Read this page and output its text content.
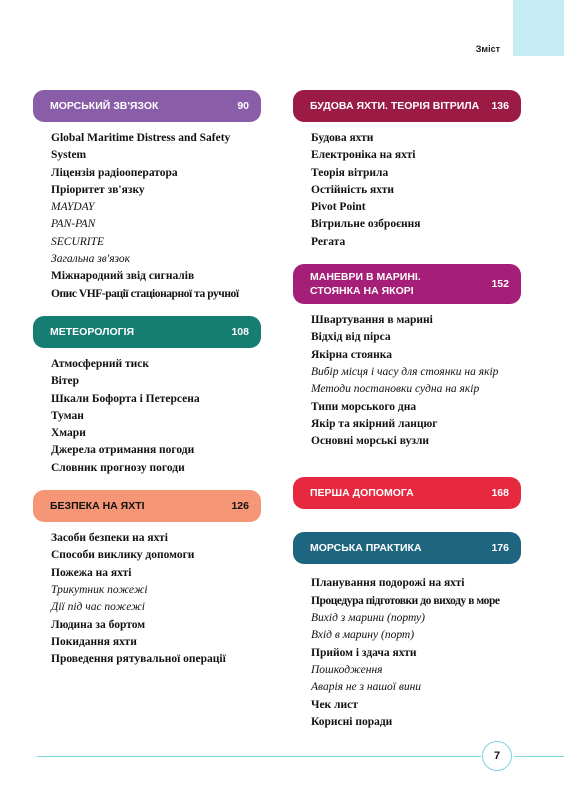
Зміст
МОРСЬКИЙ ЗВ'ЯЗОК	90
Global Maritime Distress and Safety
System
Ліцензія радіооператора
Пріоритет зв'язку
MAYDAY
PAN-PAN
SECURITE
Загальна зв'язок
Міжнародний звід сигналів
Опис VHF-рації стаціонарної та ручної
МЕТЕОРОЛОГІЯ	108
Атмосферний тиск
Вітер
Шкали Бофорта і Петерсена
Туман
Хмари
Джерела отримання погоди
Словник прогнозу погоди
БЕЗПЕКА НА ЯХТІ	126
Засоби безпеки на яхті
Способи виклику допомоги
Пожежа на яхті
Трикутник пожежі
Дії під час пожежі
Людина за бортом
Покидання яхти
Проведення рятувальної операції
БУДОВА ЯХТИ. ТЕОРІЯ ВІТРИЛА 136
Будова яхти
Електроніка на яхті
Теорія вітрила
Остійність яхти
Pivot Point
Вітрильне озброєння
Регата
МАНЕВРИ В МАРИНІ.
СТОЯНКА НА ЯКОРІ
152
Швартування в марині
Відхід від пірса
Якірна стоянка
Вибір місця і часу для стоянки на якір
Методи постановки судна на якір
Типи морського дна
Якір та якірний ланцюг
Основні морські вузли
ПЕРША ДОПОМОГА	168
МОРСЬКА ПРАКТИКА	176
Планування подорожі на яхті
Процедура підготовки до виходу в море
Вихід з марини (порту)
Вхід в марину (порт)
Прийом і здача яхти
Пошкодження
Аварія не з нашої вини
Чек лист
Корисні поради
7
